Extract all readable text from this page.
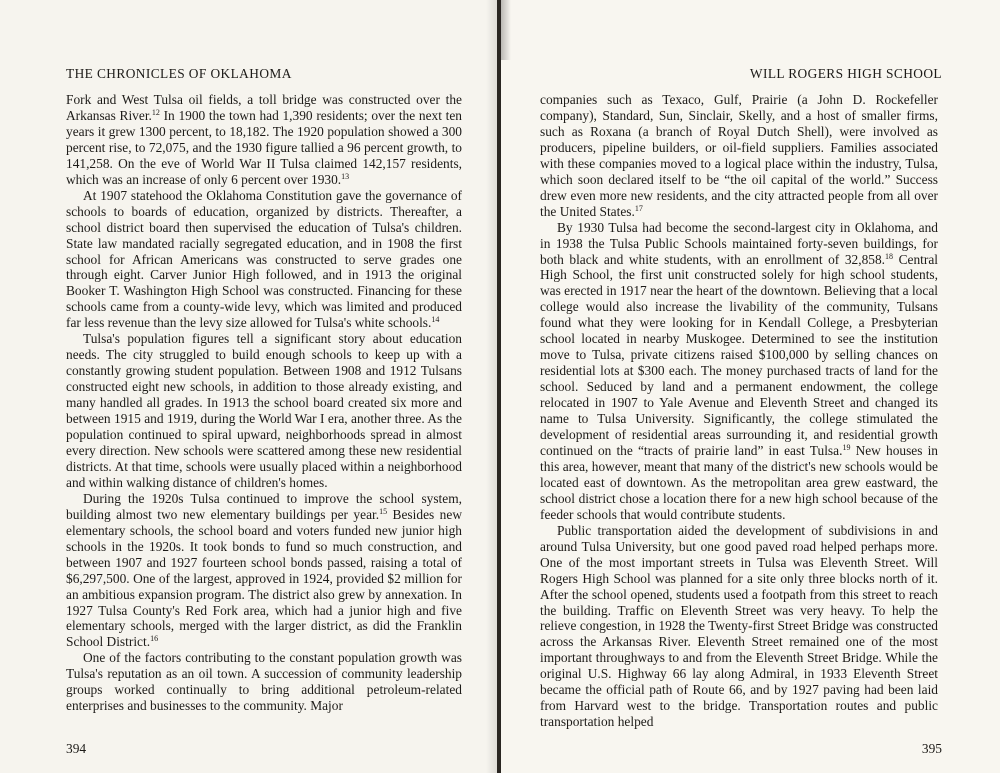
THE CHRONICLES OF OKLAHOMA

Fork and West Tulsa oil fields, a toll bridge was constructed over the Arkansas River.$^{12}$ In 1900 the town had 1,390 residents; over the next ten years it grew 1300 percent, to 18,182. The 1920 population showed a 300 percent rise, to 72,075, and the 1930 figure tallied a 96 percent growth, to 141,258. On the eve of World War II Tulsa claimed 142,157 residents, which was an increase of only 6 percent over 1930.13

At 1907 statehood the Oklahoma Constitution gave the governance of schools to boards of education, organized by districts. Thereafter, a school district board then supervised the education of Tulsa's children. State law mandated racially segregated education, and in 1908 the first school for African Americans was constructed to serve grades one through eight. Carver Junior High followed, and in 1913 the original Booker T. Washington High School was constructed. Financing for these schools came from a county-wide levy, which was limited and produced far less revenue than the levy size allowed for Tulsa's white schools.$^{14}$

Tulsa's population figures tell a significant story about education needs. The city struggled to build enough schools to keep up with a constantly growing student population. Between 1908 and 1912 Tulsans constructed eight new schools, in addition to those already existing, and many handled all grades. In 1913 the school board created six more and between 1915 and 1919, during the World War I era, another three. As the population continued to spiral upward, neighborhoods spread in almost every direction. New schools were scattered among these new residential districts. At that time, schools were usually placed within a neighborhood and within walking distance of children's homes.

During the 1920s Tulsa continued to improve the school system, building almost two new elementary buildings per year.$^{15}$ Besides new elementary schools, the school board and voters funded new junior high schools in the 1920s. It took bonds to fund so much construction, and between 1907 and 1927 fourteen school bonds passed, raising a total of $6,297,500. One of the largest, approved in 1924, provided $2 million for an ambitious expansion program. The district also grew by annexation. In 1927 Tulsa County's Red Fork area, which had a junior high and five elementary schools, merged with the larger district, as did the Franklin School District.$^{16}$

One of the factors contributing to the constant population growth was Tulsa's reputation as an oil town. A succession of community leadership groups worked continually to bring additional petroleum-related enterprises and businesses to the community. Major

394
WILL ROGERS HIGH SCHOOL

companies such as Texaco, Gulf, Prairie (a John D. Rockefeller company), Standard, Sun, Sinclair, Skelly, and a host of smaller firms, such as Roxana (a branch of Royal Dutch Shell), were involved as producers, pipeline builders, or oil-field suppliers. Families associated with these companies moved to a logical place within the industry, Tulsa, which soon declared itself to be “the oil capital of the world.” Success drew even more new residents, and the city attracted people from all over the United States.$^{17}$

By 1930 Tulsa had become the second-largest city in Oklahoma, and in 1938 the Tulsa Public Schools maintained forty-seven buildings, for both black and white students, with an enrollment of 32,858.18 Central High School, the first unit constructed solely for high school students, was erected in 1917 near the heart of the downtown. Believing that a local college would also increase the livability of the community, Tulsans found what they were looking for in Kendall College, a Presbyterian school located in nearby Muskogee. Determined to see the institution move to Tulsa, private citizens raised $100,000 by selling chances on residential lots at $300 each. The money purchased tracts of land for the school. Seduced by land and a permanent endowment, the college relocated in 1907 to Yale Avenue and Eleventh Street and changed its name to Tulsa University. Significantly, the college stimulated the development of residential areas surrounding it, and residential growth continued on the “tracts of prairie land” in east Tulsa.$^{19}$ New houses in this area, however, meant that many of the district's new schools would be located east of downtown. As the metropolitan area grew eastward, the school district chose a location there for a new high school because of the feeder schools that would contribute students.

Public transportation aided the development of subdivisions in and around Tulsa University, but one good paved road helped perhaps more. One of the most important streets in Tulsa was Eleventh Street. Will Rogers High School was planned for a site only three blocks north of it. After the school opened, students used a footpath from this street to reach the building. Traffic on Eleventh Street was very heavy. To help the relieve congestion, in 1928 the Twenty-first Street Bridge was constructed across the Arkansas River. Eleventh Street remained one of the most important throughways to and from the Eleventh Street Bridge. While the original U.S. Highway 66 lay along Admiral, in 1933 Eleventh Street became the official path of Route 66, and by 1927 paving had been laid from Harvard west to the bridge. Transportation routes and public transportation helped

395
